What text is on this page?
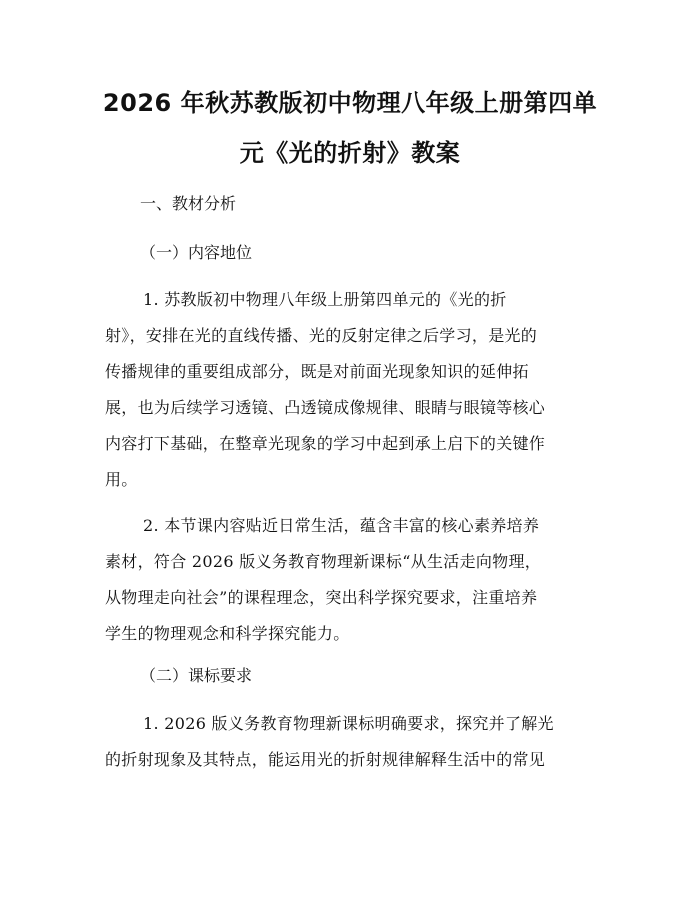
2026 年秋苏教版初中物理八年级上册第四单
元《光的折射》教案

一、教材分析

（一）内容地位

1. 苏教版初中物理八年级上册第四单元的《光的折
射》，安排在光的直线传播、光的反射定律之后学习，是光的
传播规律的重要组成部分，既是对前面光现象知识的延伸拓
展，也为后续学习透镜、凸透镜成像规律、眼睛与眼镜等核心
内容打下基础，在整章光现象的学习中起到承上启下的关键作
用。

2. 本节课内容贴近日常生活，蕴含丰富的核心素养培养
素材，符合 2026 版义务教育物理新课标“从生活走向物理，
从物理走向社会”的课程理念，突出科学探究要求，注重培养
学生的物理观念和科学探究能力。

（二）课标要求

1. 2026 版义务教育物理新课标明确要求，探究并了解光
的折射现象及其特点，能运用光的折射规律解释生活中的常见
